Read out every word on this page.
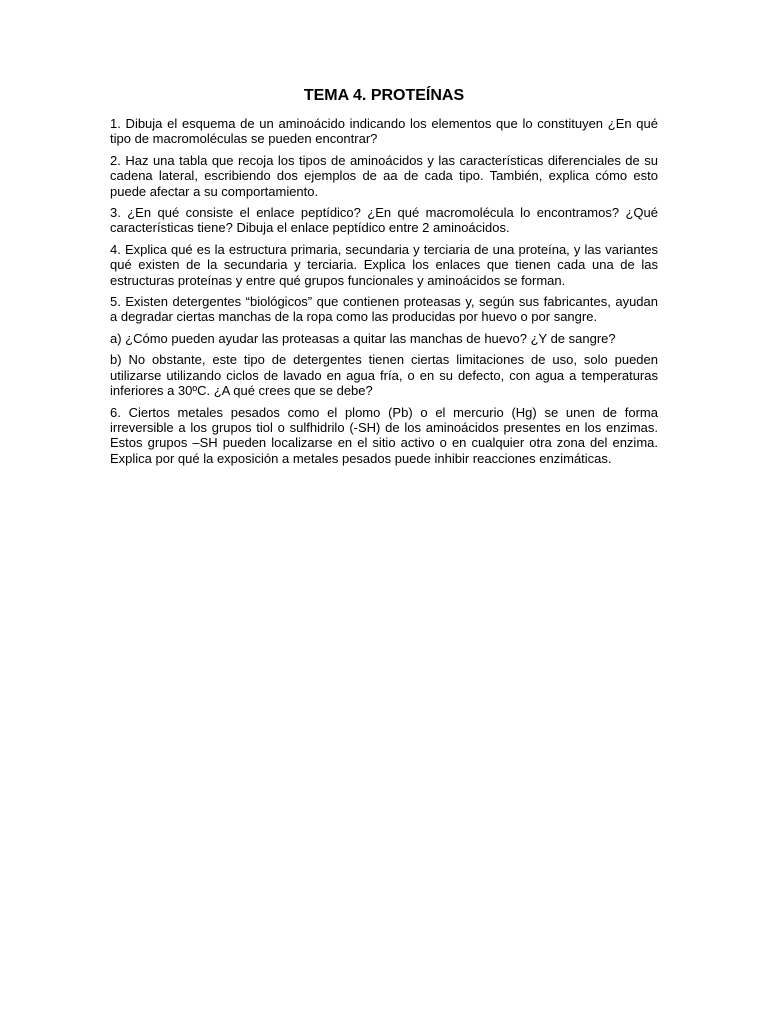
TEMA 4. PROTEÍNAS

1. Dibuja el esquema de un aminoácido indicando los elementos que lo constituyen ¿En qué tipo de macromoléculas se pueden encontrar?

2. Haz una tabla que recoja los tipos de aminoácidos y las características diferenciales de su cadena lateral, escribiendo dos ejemplos de aa de cada tipo. También, explica cómo esto puede afectar a su comportamiento.

3. ¿En qué consiste el enlace peptídico? ¿En qué macromolécula lo encontramos? ¿Qué características tiene? Dibuja el enlace peptídico entre 2 aminoácidos.

4. Explica qué es la estructura primaria, secundaria y terciaria de una proteína, y las variantes qué existen de la secundaria y terciaria. Explica los enlaces que tienen cada una de las estructuras proteínas y entre qué grupos funcionales y aminoácidos se forman.

5. Existen detergentes “biológicos” que contienen proteasas y, según sus fabricantes, ayudan a degradar ciertas manchas de la ropa como las producidas por huevo o por sangre.

a) ¿Cómo pueden ayudar las proteasas a quitar las manchas de huevo? ¿Y de sangre?

b) No obstante, este tipo de detergentes tienen ciertas limitaciones de uso, solo pueden utilizarse utilizando ciclos de lavado en agua fría, o en su defecto, con agua a temperaturas inferiores a 30ºC. ¿A qué crees que se debe?

6. Ciertos metales pesados como el plomo (Pb) o el mercurio (Hg) se unen de forma irreversible a los grupos tiol o sulfhidrilo (-SH) de los aminoácidos presentes en los enzimas. Estos grupos –SH pueden localizarse en el sitio activo o en cualquier otra zona del enzima. Explica por qué la exposición a metales pesados puede inhibir reacciones enzimáticas.
